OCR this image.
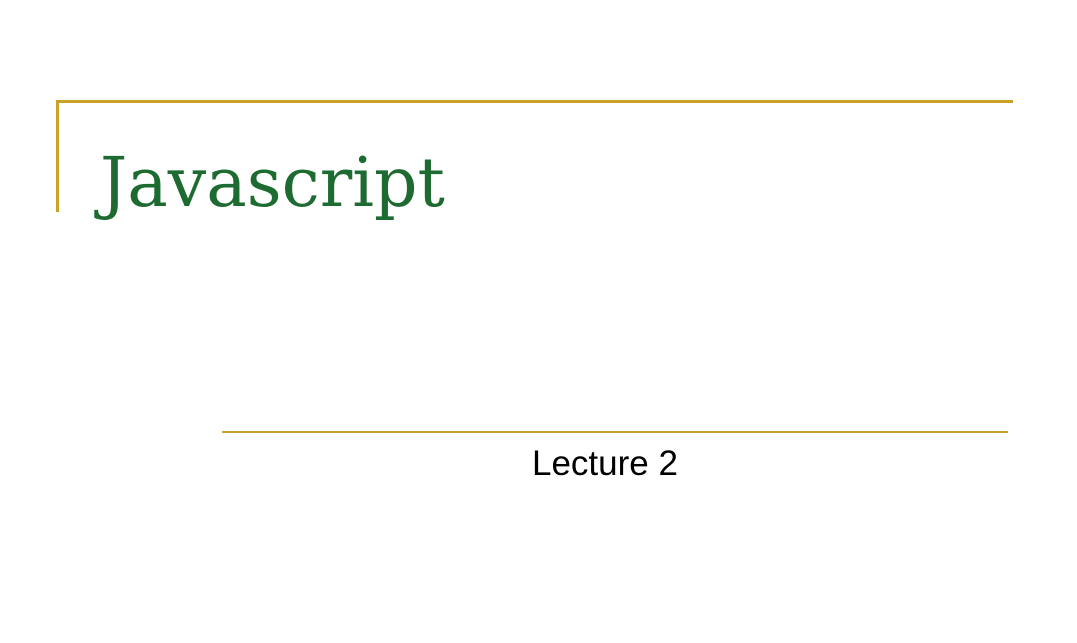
Javascript
Lecture 2
